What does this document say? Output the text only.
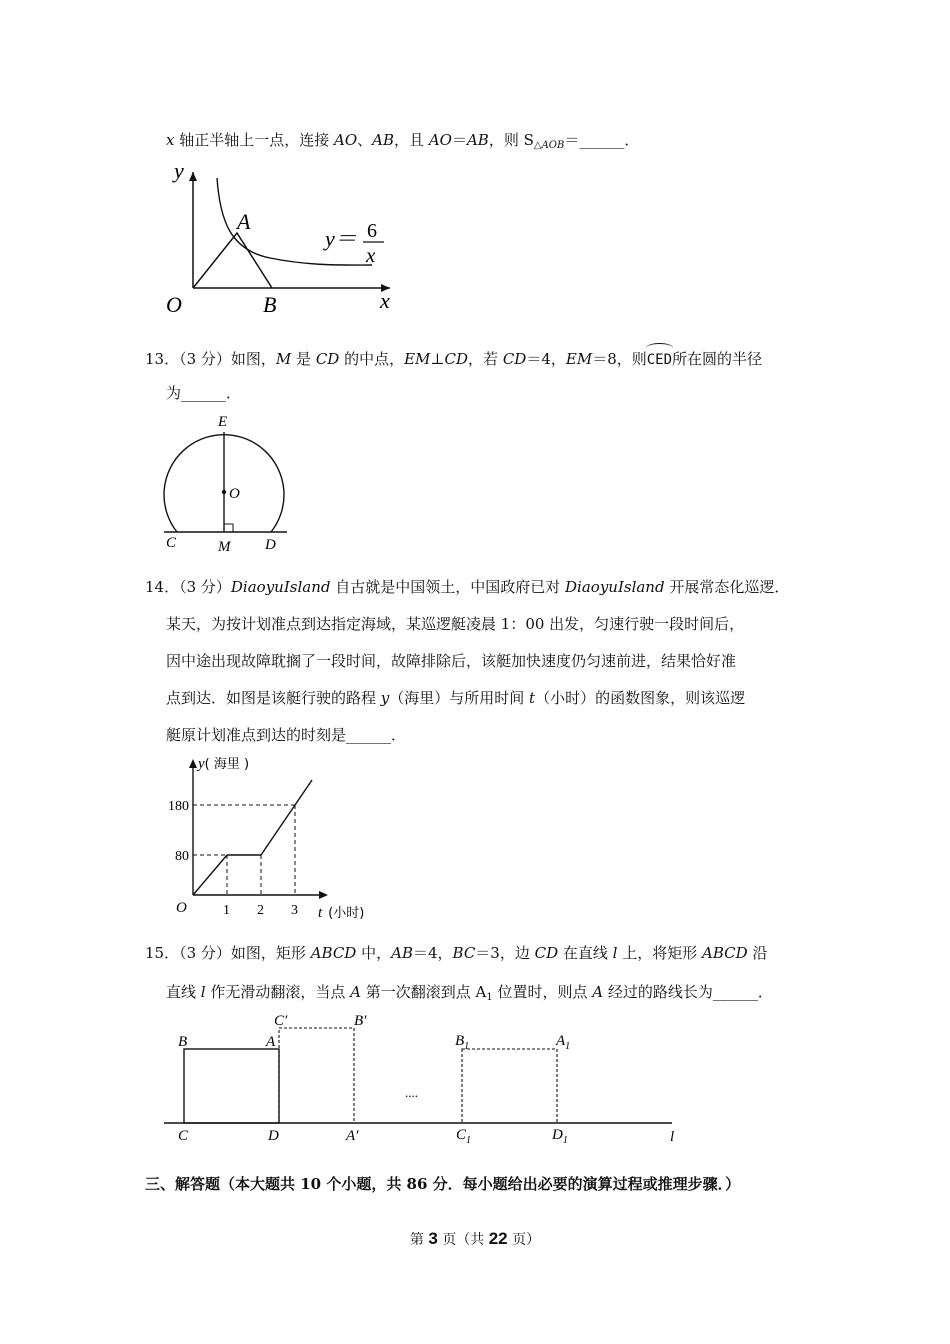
x 轴正半轴上一点，连接 AO、AB，且 AO＝AB，则 $S_{\triangle AOB}=\_\_\_\_\_\_$．
y
x
O
A
B
y＝ 6
x
13．（3 分）如图，M 是 CD 的中点，EM⊥CD，若 CD＝4，EM＝8，则CED所在圆的半径
为______．
E
O
C	M D
14．（3 分）DiaoyuIsland 自古就是中国领土，中国政府已对 DiaoyuIsland 开展常态化巡逻．
某天，为按计划准点到达指定海域，某巡逻艇凌晨 1：00 出发，匀速行驶一段时间后，
因中途出现故障耽搁了一段时间，故障排除后，该艇加快速度仍匀速前进，结果恰好准
点到达．如图是该艇行驶的路程 y（海里）与所用时间 t（小时）的函数图象，则该巡逻
艇原计划准点到达的时刻是______．
y( 海里 )
t (小时)
O	1 2 3
80
180
15．（3 分）如图，矩形 ABCD 中，AB＝4，BC＝3，边 CD 在直线 l 上，将矩形 ABCD 沿
直线 l 作无滑动翻滚，当点 A 第一次翻滚到点 $A_1$ 位置时，则点 A 经过的路线长为______．
B	A
C	D
C′	B′
A′
....
$B_1$	$A_1$
$C_1$	$D_1$	l
三、解答题（本大题共 10 个小题，共 86 分．每小题给出必要的演算过程或推理步骤．）
第 3 页（共 22 页）
